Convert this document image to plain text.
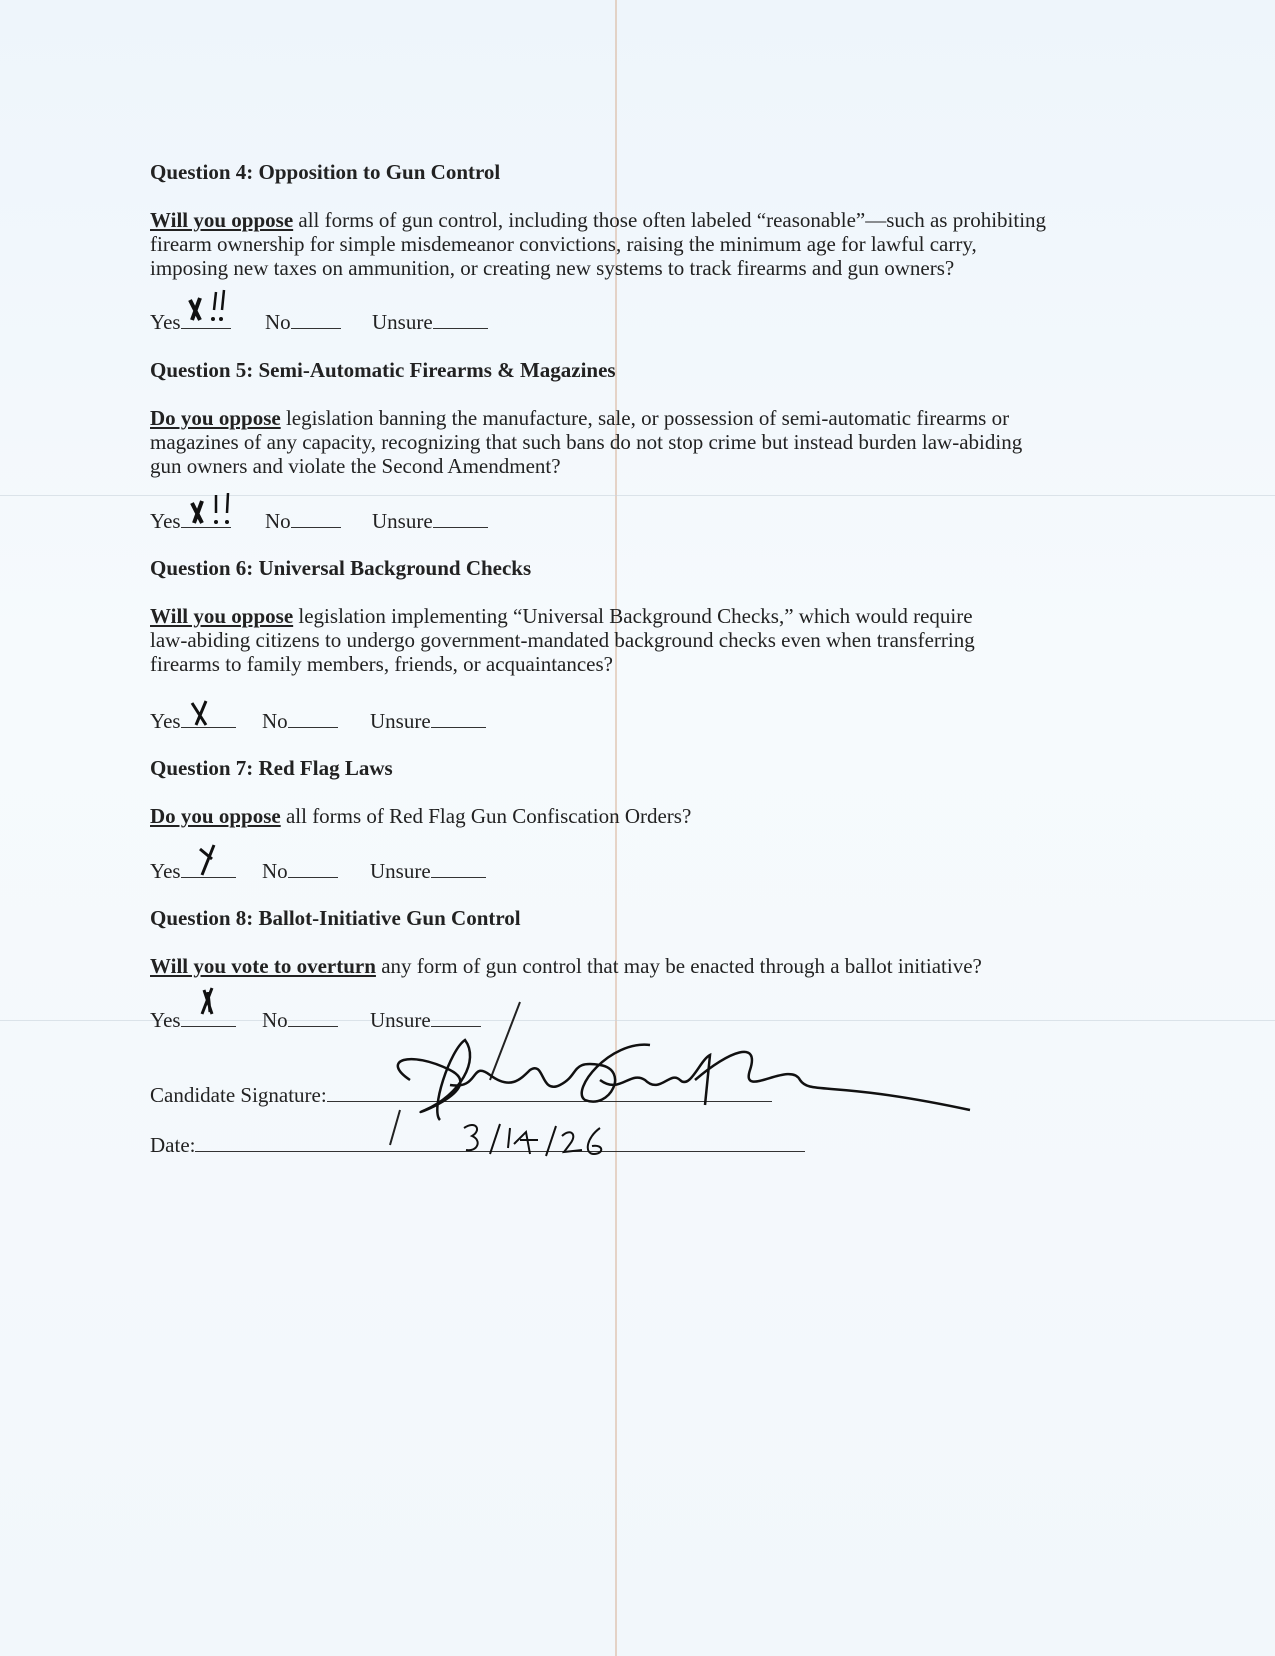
Question 4: Opposition to Gun Control

Will you oppose all forms of gun control, including those often labeled “reasonable”—such as prohibiting firearm ownership for simple misdemeanor convictions, raising the minimum age for lawful carry, imposing new taxes on ammunition, or creating new systems to track firearms and gun owners?

Yes	No	Unsure

Question 5: Semi-Automatic Firearms & Magazines

Do you oppose legislation banning the manufacture, sale, or possession of semi-automatic firearms or magazines of any capacity, recognizing that such bans do not stop crime but instead burden law-abiding gun owners and violate the Second Amendment?

Yes	No	Unsure

Question 6: Universal Background Checks

Will you oppose legislation implementing “Universal Background Checks,” which would require law-abiding citizens to undergo government-mandated background checks even when transferring firearms to family members, friends, or acquaintances?

Yes	No	Unsure

Question 7: Red Flag Laws

Do you oppose all forms of Red Flag Gun Confiscation Orders?

Yes	No	Unsure

Question 8: Ballot-Initiative Gun Control

Will you vote to overturn any form of gun control that may be enacted through a ballot initiative?

Yes	No	Unsure
Candidate Signature:
Date:
